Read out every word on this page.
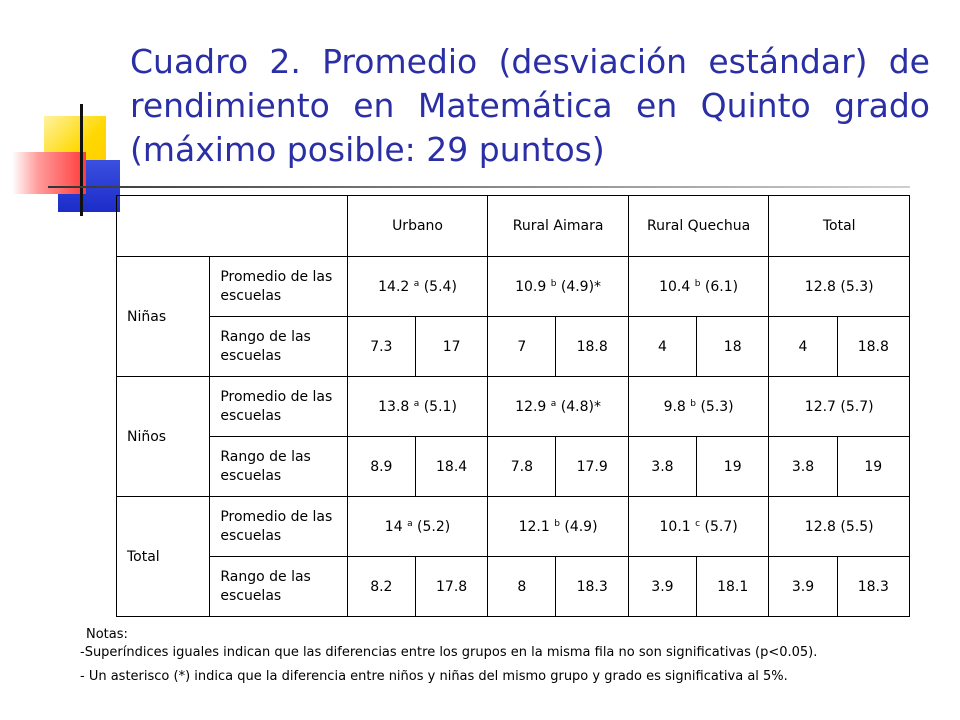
Cuadro 2. Promedio (desviación estándar) de
rendimiento en Matemática en Quinto grado
(máximo posible: 29 puntos)
		Urbano		Rural Aimara		Rural Quechua		Total	
Niñas	Promedio de las escuelas	14.2 $^a$ (5.4)		10.9 $^b$ (4.9)*		10.4 $^b$ (6.1)		12.8 (5.3)	
	Rango de las escuelas	7.3	17	7	18.8	4	18	4	18.8
Niños	Promedio de las escuelas	13.8 $^a$ (5.1)		12.9 $^a$ (4.8)*		9.8 $^b$ (5.3)		12.7 (5.7)	
	Rango de las escuelas	8.9	18.4	7.8	17.9	3.8	19	3.8	19
Total	Promedio de las escuelas	14 $^a$ (5.2)		12.1 $^b$ (4.9)		10.1 $^c$ (5.7)		12.8 (5.5)	
	Rango de las escuelas	8.2	17.8	8	18.3	3.9	18.1	3.9	18.3
Notas:
-Superíndices iguales indican que las diferencias entre los grupos en la misma fila no son significativas (p<0.05).
- Un asterisco (*) indica que la diferencia entre niños y niñas del mismo grupo y grado es significativa al 5%.
